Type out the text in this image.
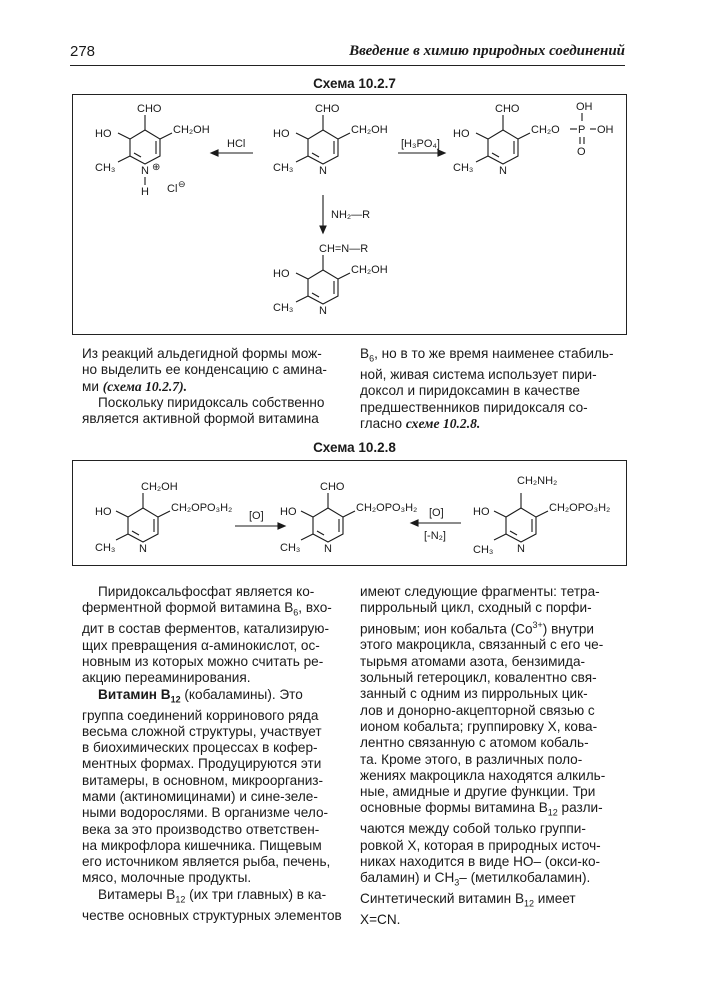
278	Введение в химию природных соединений
Схема 10.2.7
CHO
HO	CH₂OH
CH₃ N ⊕
H Cl ⊖
HCl
CHO
HO	CH₂OH
CH₃ N
[H₃PO₄]
CHO
HO	CH₂O P OH
OH
O
CH₃ N
NH₂—R
CH=N—R
HO	CH₂OH
CH₃ N
Из реакций альдегидной формы мож-
но выделить ее конденсацию с амина-
ми (схема 10.2.7).
Поскольку пиридоксаль собственно
является активной формой витамина
$B_6$, но в то же время наименее стабиль-
ной, живая система использует пири-
доксол и пиридоксамин в качестве
предшественников пиридоксаля со-
гласно схеме 10.2.8.
Схема 10.2.8
CH₂OH
HO	CH₂OPO₃H₂
CH₃ N
[O]
CHO
HO	CH₂OPO₃H₂
CH₃ N
[O]
[-N₂]
CH₂NH₂
HO	CH₂OPO₃H₂
CH₃ N
Пиридоксальфосфат является ко-
ферментной формой витамина $B_6$, вхо-
дит в состав ферментов, катализирую-
щих превращения α-аминокислот, ос-
новным из которых можно считать ре-
акцию переаминирования.
Витамин $B_{12}$ (кобаламины). Это
группа соединений корринового ряда
весьма сложной структуры, участвует
в биохимических процессах в кофер-
ментных формах. Продуцируются эти
витамеры, в основном, микроорганиз-
мами (актиномицинами) и сине-зеле-
ными водорослями. В организме чело-
века за это производство ответствен-
на микрофлора кишечника. Пищевым
его источником является рыба, печень,
мясо, молочные продукты.
Витамеры $B_{12}$ (их три главных) в ка-
честве основных структурных элементов
имеют следующие фрагменты: тетра-
пиррольный цикл, сходный с порфи-
риновым; ион кобальта $(Co^{3+})$ внутри
этого макроцикла, связанный с его че-
тырьмя атомами азота, бензимида-
зольный гетероцикл, ковалентно свя-
занный с одним из пиррольных цик-
лов и донорно-акцепторной связью с
ионом кобальта; группировку X, кова-
лентно связанную с атомом кобаль-
та. Кроме этого, в различных поло-
жениях макроцикла находятся алкиль-
ные, амидные и другие функции. Три
основные формы витамина $B_{12}$ разли-
чаются между собой только группи-
ровкой X, которая в природных источ-
никах находится в виде HO– (окси-ко-
баламин) и $CH_3-$ (метилкобаламин).
Синтетический витамин $B_{12}$ имеет
X=CN.
